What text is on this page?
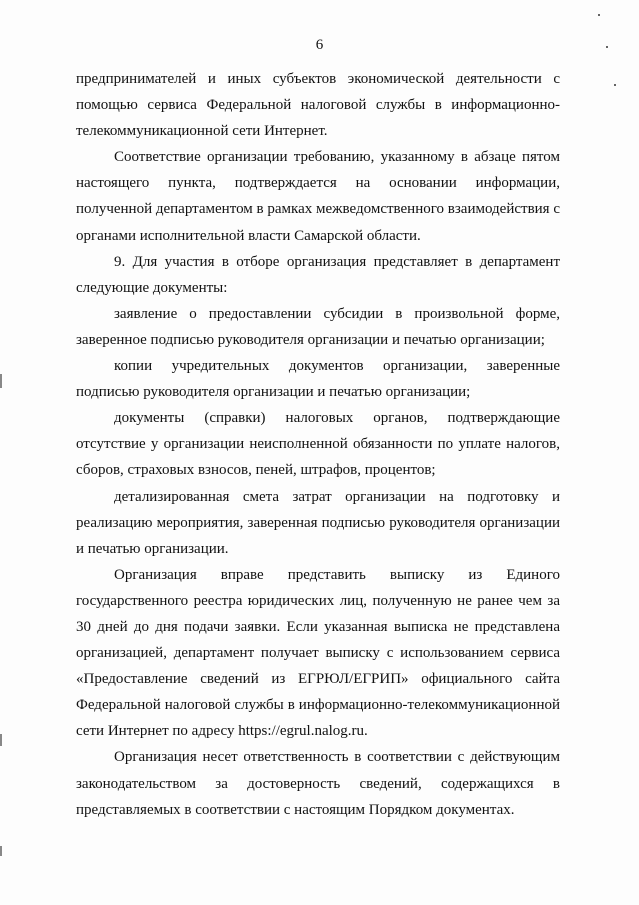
6

предпринимателей и иных субъектов экономической деятельности с помощью сервиса Федеральной налоговой службы в информационно-телекоммуникационной сети Интернет.

Соответствие организации требованию, указанному в абзаце пятом настоящего пункта, подтверждается на основании информации, полученной департаментом в рамках межведомственного взаимодействия с органами исполнительной власти Самарской области.

9. Для участия в отборе организация представляет в департамент следующие документы:

заявление о предоставлении субсидии в произвольной форме, заверенное подписью руководителя организации и печатью организации;

копии учредительных документов организации, заверенные подписью руководителя организации и печатью организации;

документы (справки) налоговых органов, подтверждающие отсутствие у организации неисполненной обязанности по уплате налогов, сборов, страховых взносов, пеней, штрафов, процентов;

детализированная смета затрат организации на подготовку и реализацию мероприятия, заверенная подписью руководителя организации и печатью организации.

Организация вправе представить выписку из Единого государственного реестра юридических лиц, полученную не ранее чем за 30 дней до дня подачи заявки. Если указанная выписка не представлена организацией, департамент получает выписку с использованием сервиса «Предоставление сведений из ЕГРЮЛ/ЕГРИП» официального сайта Федеральной налоговой службы в информационно-телекоммуникационной сети Интернет по адресу https://egrul.nalog.ru.

Организация несет ответственность в соответствии с действующим законодательством за достоверность сведений, содержащихся в представляемых в соответствии с настоящим Порядком документах.
